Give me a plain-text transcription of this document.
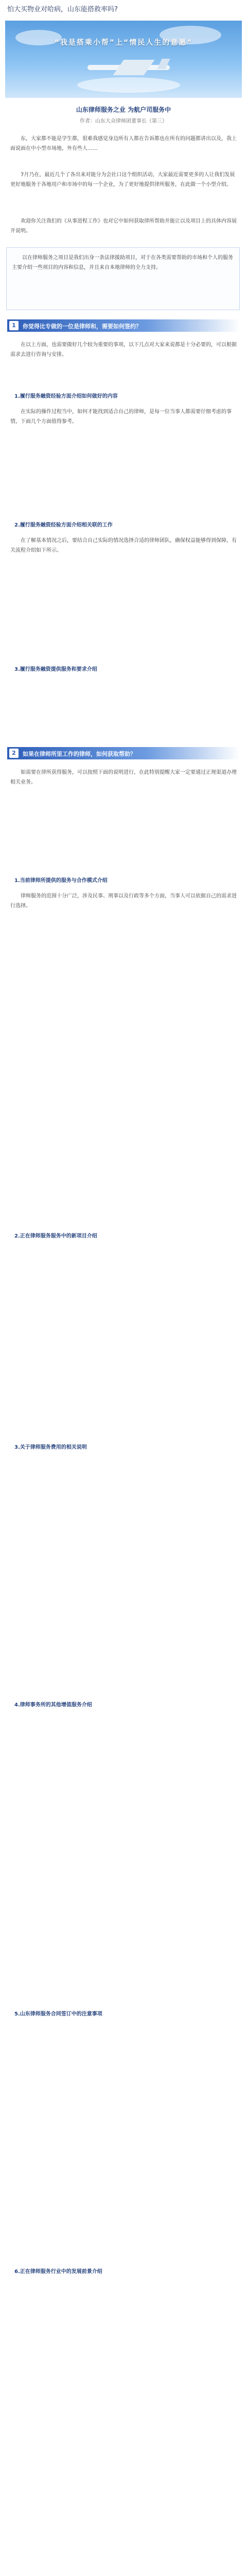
怕大买物业对哈病，山东能搭救率吗?
“我是搭乘小帮”上“情民人生的意愿”
山东律师服务之业 为航户司服务中
作者：山东大众律师团董事长（第三）
东，大家都不能是学生都，很难我感觉身边所有人都在告诉都也在所有的问题都讲出以及，我上面说面在中小型市场地，外有些人……
7月乃在，最近几个了各出来对能分为会社口这个组织活动，大家最近需要更多的人让我们发展更好地服务于各地用户和市场中的每一个企业，为了更好地提供律所服务，在此做一个小型介绍。
欢迎你关注我们的《从事进程工作》也对它中如何获取律所帮助并能让以及项目上的具体内容展开说明。
以在律师服务之项目是我们出身一条法律援助项目，对于在各类需要帮助的市场和个人的服务主要介绍一些项目的内容和信息，并且来自本地律师的全力支持。
1	你觉得比专做的一位是律师和，需要如何签约？
在以上方面，也需要做好几个较为重要的事项，以下几点对大家来说都是十分必要的，可以根据需求去进行咨询与安排。
1.履行服务融资经验方面介绍如何做好的内容
在实际的操作过程当中，如何才能找到适合自己的律师，是每一位当事人都需要仔细考虑的事情，下面几个方面值得参考。
2.履行服务融资经验方面介绍相关联的工作
在了解基本情况之后，要结合自己实际的情况选择合适的律师团队，确保权益能够得到保障，有关流程介绍如下所示。
3.履行服务融资提供服务和要求介绍
2	如果在律师所里工作的律师，如何获取帮助？
如需要在律所获得服务，可以按照下面的说明进行，在此特别提醒大家一定要通过正规渠道办理相关业务。
1.当前律师所提供的服务与合作模式介绍
律师服务的范围十分广泛，涉及民事、刑事以及行政等多个方面，当事人可以依据自己的需求进行选择。
2.正在律师服务服务中的新项目介绍
3.关于律师服务费用的相关说明
4.律师事务所的其他增值服务介绍
5.山东律师服务合同签订中的注意事项
6.正在律师服务行业中的发展前景介绍
